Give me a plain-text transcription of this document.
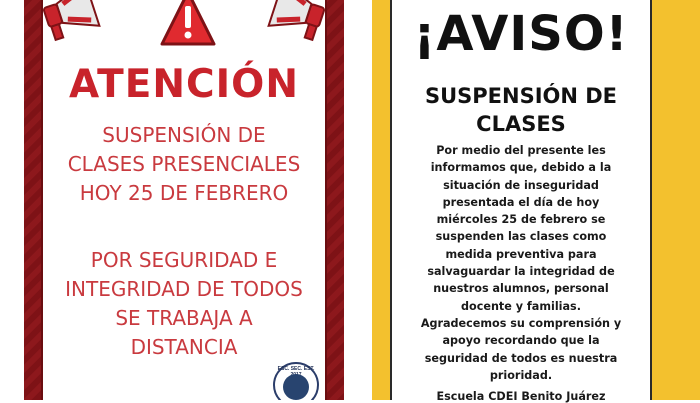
ATENCIÓN
SUSPENSIÓN DE
CLASES PRESENCIALES
HOY 25 DE FEBRERO
POR SEGURIDAD E
INTEGRIDAD DE TODOS
SE TRABAJA A
DISTANCIA
ESC. SEC. EST.
¡AVISO!
SUSPENSIÓN DE
CLASES
Por medio del presente les
informamos que, debido a la
situación de inseguridad
presentada el día de hoy
miércoles 25 de febrero se
suspenden las clases como
medida preventiva para
salvaguardar la integridad de
nuestros alumnos, personal
docente y familias.
Agradecemos su comprensión y
apoyo recordando que la
seguridad de todos es nuestra
prioridad.
Escuela CDEI Benito Juárez
